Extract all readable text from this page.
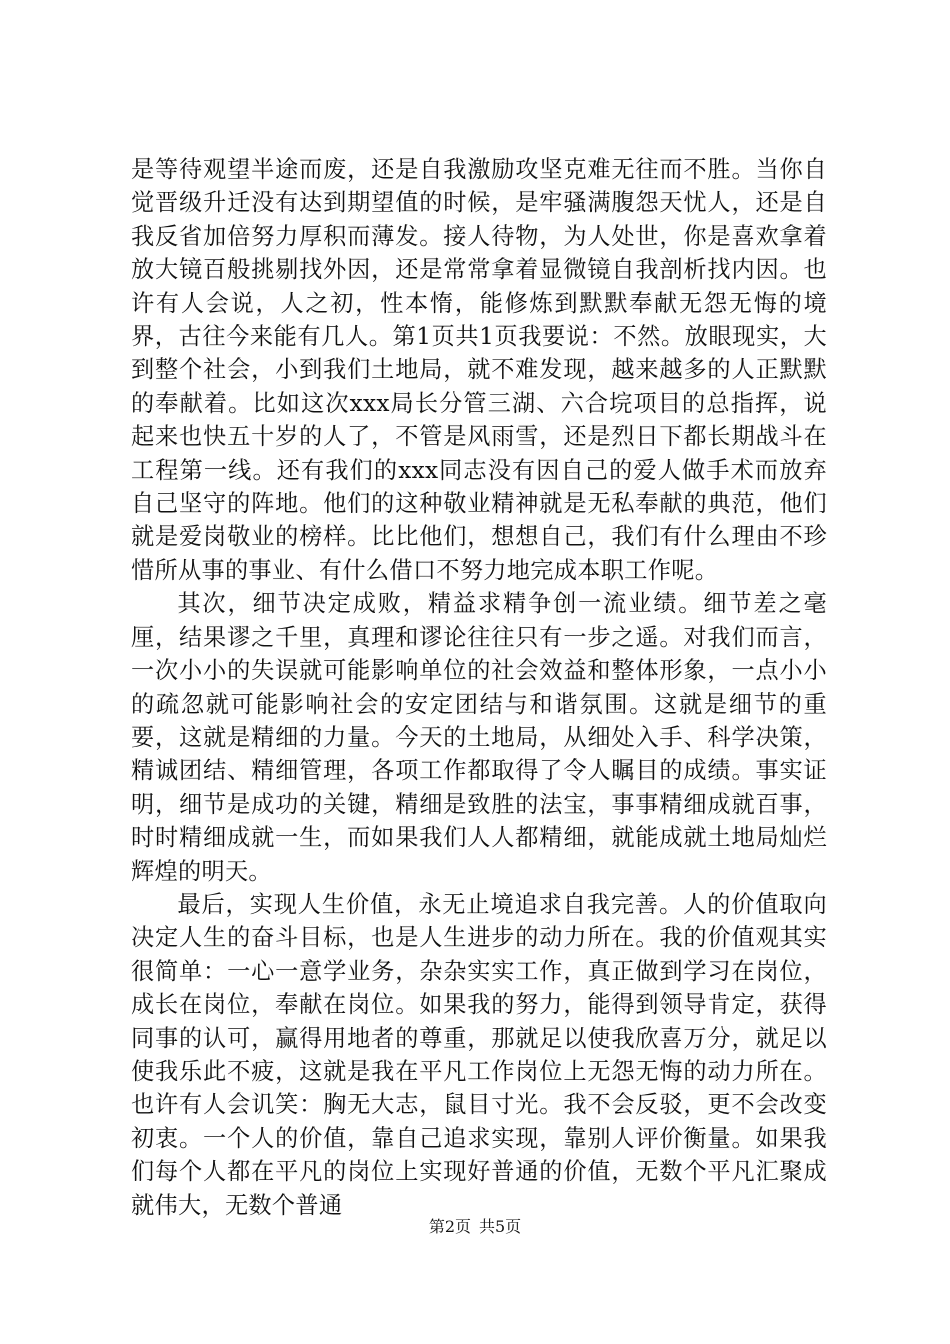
是等待观望半途而废，还是自我激励攻坚克难无往而不胜。当你自觉晋级升迁没有达到期望值的时候，是牢骚满腹怨天忧人，还是自我反省加倍努力厚积而薄发。接人待物，为人处世，你是喜欢拿着放大镜百般挑剔找外因，还是常常拿着显微镜自我剖析找内因。也许有人会说，人之初，性本惰，能修炼到默默奉献无怨无悔的境界，古往今来能有几人。第1页共1页我要说：不然。放眼现实，大到整个社会，小到我们土地局，就不难发现，越来越多的人正默默的奉献着。比如这次xxx局长分管三湖、六合垸项目的总指挥，说起来也快五十岁的人了，不管是风雨雪，还是烈日下都长期战斗在工程第一线。还有我们的xxx同志没有因自己的爱人做手术而放弃自己坚守的阵地。他们的这种敬业精神就是无私奉献的典范，他们就是爱岗敬业的榜样。比比他们，想想自己，我们有什么理由不珍惜所从事的事业、有什么借口不努力地完成本职工作呢。

其次，细节决定成败，精益求精争创一流业绩。细节差之毫厘，结果谬之千里，真理和谬论往往只有一步之遥。对我们而言，一次小小的失误就可能影响单位的社会效益和整体形象，一点小小的疏忽就可能影响社会的安定团结与和谐氛围。这就是细节的重要，这就是精细的力量。今天的土地局，从细处入手、科学决策，精诚团结、精细管理，各项工作都取得了令人瞩目的成绩。事实证明，细节是成功的关键，精细是致胜的法宝，事事精细成就百事，时时精细成就一生，而如果我们人人都精细，就能成就土地局灿烂辉煌的明天。

最后，实现人生价值，永无止境追求自我完善。人的价值取向决定人生的奋斗目标，也是人生进步的动力所在。我的价值观其实很简单：一心一意学业务，杂杂实实工作，真正做到学习在岗位，成长在岗位，奉献在岗位。如果我的努力，能得到领导肯定，获得同事的认可，赢得用地者的尊重，那就足以使我欣喜万分，就足以使我乐此不疲，这就是我在平凡工作岗位上无怨无悔的动力所在。也许有人会讥笑：胸无大志，鼠目寸光。我不会反驳，更不会改变初衷。一个人的价值，靠自己追求实现，靠别人评价衡量。如果我们每个人都在平凡的岗位上实现好普通的价值，无数个平凡汇聚成就伟大，无数个普通

第2页 共5页
